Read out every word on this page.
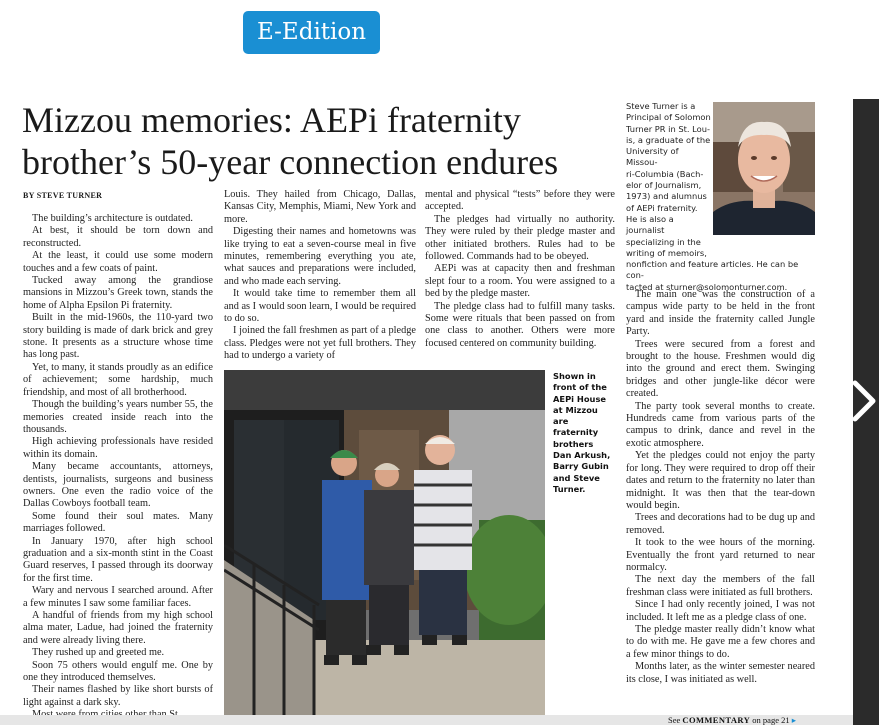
E-Edition
Mizzou memories: AEPi fraternity brother’s 50-year connection endures
BY STEVE TURNER

The building’s architecture is outdated.

At best, it should be torn down and reconstructed.

At the least, it could use some modern touches and a few coats of paint.

Tucked away among the grandiose mansions in Mizzou’s Greek town, stands the home of Alpha Epsilon Pi fraternity.

Built in the mid-1960s, the 110-yard two story building is made of dark brick and grey stone. It presents as a structure whose time has long past.

Yet, to many, it stands proudly as an edifice of achievement; some hardship, much friendship, and most of all brotherhood.

Though the building’s years number 55, the memories created inside reach into the thousands.

High achieving professionals have resided within its domain.

Many became accountants, attorneys, dentists, journalists, surgeons and business owners. One even the radio voice of the Dallas Cowboys football team.

Some found their soul mates. Many marriages followed.

In January 1970, after high school graduation and a six-month stint in the Coast Guard reserves, I passed through its doorway for the first time.

Wary and nervous I searched around. After a few minutes I saw some familiar faces.

A handful of friends from my high school alma mater, Ladue, had joined the fraternity and were already living there.

They rushed up and greeted me.

Soon 75 others would engulf me. One by one they introduced themselves.

Their names flashed by like short bursts of light against a dark sky.

Louis. They hailed from Chicago, Dallas, Kansas City, Memphis, Miami, New York and more.

Digesting their names and hometowns was like trying to eat a seven-course meal in five minutes, remembering everything you ate, what sauces and preparations were included, and who made each serving.

It would take time to remember them all and as I would soon learn, I would be required to do so.

I joined the fall freshmen as part of a pledge class. Pledges were not yet full brothers. They had to undergo a variety of

mental and physical “tests” before they were accepted.

The pledges had virtually no authority. They were ruled by their pledge master and other initiated brothers. Rules had to be followed. Commands had to be obeyed.

AEPi was at capacity then and freshman slept four to a room. You were assigned to a bed by the pledge master.

The pledge class had to fulfill many tasks. Some were rituals that been passed on from one class to another. Others were more focused centered on community building.

Steve Turner is a
Principal of Solomon
Turner PR in St. Lou-
is, a graduate of the
University of Missou-
ri-Columbia (Bach-
elor of Journalism,
1973) and alumnus
of AEPi fraternity.
He is also a journalist
specializing in the
writing of memoirs,
nonfiction and feature articles. He can be con-
tacted at sturner@solomonturner.com.

The main one was the construction of a campus wide party to be held in the front yard and inside the fraternity called Jungle Party.

Trees were secured from a forest and brought to the house. Freshmen would dig into the ground and erect them. Swinging bridges and other jungle-like décor were created.

The party took several months to create. Hundreds came from various parts of the campus to drink, dance and revel in the exotic atmosphere.

Yet the pledges could not enjoy the party for long. They were required to drop off their dates and return to the fraternity no later than midnight. It was then that the tear-down would begin.

Trees and decorations had to be dug up and removed.

It took to the wee hours of the morning. Eventually the front yard returned to near normalcy.

The next day the members of the fall freshman class were initiated as full brothers.

Since I had only recently joined, I was not included. It left me as a pledge class of one.

The pledge master really didn’t know what to do with me. He gave me a few chores and a few minor things to do.

Months later, as the winter semester neared its close, I was initiated as well.

Shown in front of the AEPi House at Mizzou are fraternity brothers Dan Arkush, Barry Gubin and Steve Turner.
See COMMENTARY on page 21 ▸
